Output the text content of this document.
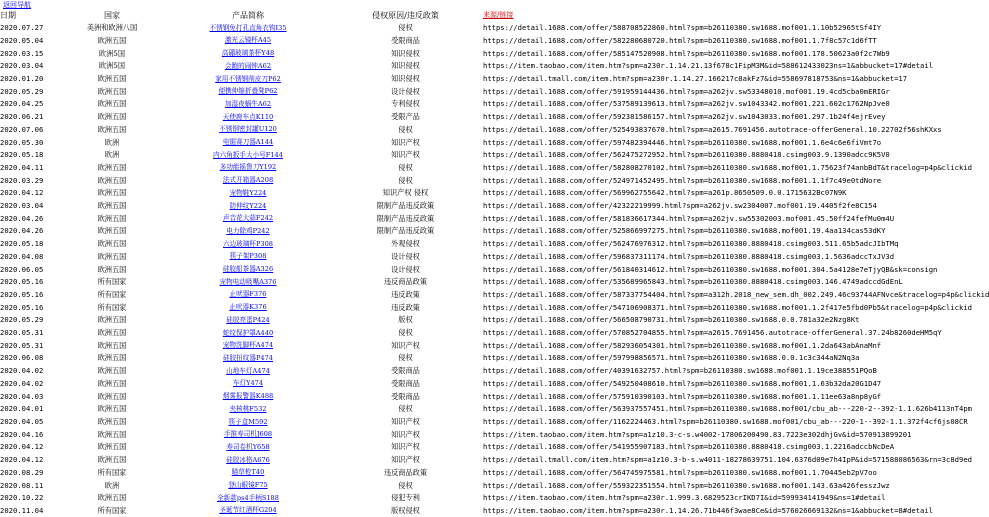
返回导航
日期	国家	产品简称	侵权原因/违反政策	来源/链接
2020.07.27	美洲和欧洲八国	不锈钢免打孔直角衣钩I35	侵权	https://detail.1688.com/offer/588708522860.html?spm=b26110380.sw1688.mof001.1.10b52965tSf4IY
2020.05.04	欧洲五国	激光云镜杯A45	受限商品	https://detail.1688.com/offer/582280680720.html?spm=b26110380.sw1688.mof001.1.7f8c57c1d6fTT
2020.03.15	欧洲5国	高硼玻璃茶杯Y48	知识侵权	https://detail.1688.com/offer/585147520908.html?spm=b26110380.sw1688.mof001.178.50623a0f2c7Wb9
2020.03.04	欧洲5国	会跑的闹钟A62	知识侵权	https://item.taobao.com/item.htm?spm=a230r.1.14.21.13f678c1FipM3M&id=588612433023ns=1&abbucket=17#detail
2020.01.20	欧洲五国	家用不锈钢削皮刀P62	知识侵权	https://detail.tmall.com/item.htm?spm=a230r.1.14.27.166217c8akFz7&id=558697818753&ns=1&abbucket=17
2020.05.29	欧洲五国	便携伸缩折叠凳P62	设计侵权	https://detail.1688.com/offer/591959144436.html?spm=a262jv.sw53348010.mof001.19.4cd5cba0mERIGr
2020.04.25	欧洲五国	加湿夜蜗牛A62	专利侵权	https://detail.1688.com/offer/537589139613.html?spm=a262jv.sw1043342.mof001.221.602c1762NpJve0
2020.06.21	欧洲五国	天使鹿车点K110	受限产品	https://detail.1688.com/offer/592381586157.html?spm=a262jv.sw1043033.mof001.297.1b24f4ejrEvey
2020.07.06	欧洲五国	不锈钢密封罐U120	侵权	https://detail.1688.com/offer/525493837670.html?spm=a2615.7691456.autotrace-offerGeneral.10.22702f56shKXxs
2020.05.30	欧洲	电锯赛刀器A144	知识产权	https://detail.1688.com/offer/597482394446.html?spm=b26110380.sw1688.mof001.1.6e4c6e6fiVmt7o
2020.05.18	欧洲	内六角扳手大小号F144	知识产权	https://detail.1688.com/offer/562475272952.html?spm=b26110380.8880418.csimg003.9.1390adcc9K5V0
2020.04.11	欧洲五国	多功能摇鲁刀Y192	侵权	https://detail.1688.com/offer/582808270102.html?spm=b26110380.sw1688.mof001.1.75623f74anbBdT&tracelog=p4p&clickid
2020.03.29	欧洲五国	法式开箱器A208	侵权	https://detail.1688.com/offer/524971452495.html?spm=b26110380.sw1688.mof001.1.1f7c49e0tdNore
2020.04.12	欧洲五国	宠物鞋Y224	知识产权 侵权	https://detail.1688.com/offer/569962755642.html?spm=a261p.8650509.0.0.1715632Bc07N9K
2020.03.04	欧洲五国	防伸纹Y224	限制产品违反政策	https://detail.1688.com/offer/42322219999.html?spm=a262jv.sw2304007.mof001.19.4405f2fe8C154
2020.04.26	欧洲五国	声音花大蒜F242	限制产品违反政策	https://detail.1688.com/offer/581836617344.html?spm=a262jv.sw55302003.mof001.45.50ff24fefMu0m4U
2020.04.26	欧洲五国	电力除鸡P242	限制产品违反政策	https://detail.1688.com/offer/525866997275.html?spm=b26110380.sw1688.mof001.19.4aa134cas53dKY
2020.05.18	欧洲五国	六边玻璃杯P308	外观侵权	https://detail.1688.com/offer/562476976312.html?spm=b26110380.8880418.csimg003.511.65b5adcJIbTMq
2020.04.08	欧洲五国	筷子架P308	设计侵权	https://detail.1688.com/offer/596837311174.html?spm=b26110380.8880418.csimg003.1.5636adccTxJV3d
2020.06.05	欧洲五国	硅胶船茶器A326	设计侵权	https://detail.1688.com/offer/561840314612.html?spm=b26110380.sw1688.mof001.304.5a4128e7eTjyQB&sk=consign
2020.05.16	所有国家	宠物电动吸嘴A376	违反商品政策	https://detail.1688.com/offer/535689965843.html?spm=b26110380.8880418.csimg003.146.4749adccdGdEnL
2020.05.16	所有国家	止吠器F376	违反政策	https://detail.1688.com/offer/587337754404.html?spm=a312h.2018_new_sem.dh_002.249.46c93744AFNvce&tracelog=p4p&clickid
2020.05.16	所有国家	止吠器K376	违反政策	https://detail.1688.com/offer/547106908371.html?spm=b26110380.sw1688.mof001.1.2f417e5fbd0Pb5&tracelog=p4p&clickid
2020.05.29	欧洲五国	硅胶亮蛋P424	版权	https://detail.1688.com/offer/566508790731.html?spm=b26110380.sw1688.0.0.781a32e2Nzg8Kt
2020.05.31	欧洲五国	蛇纹保护罩A440	侵权	https://detail.1688.com/offer/570852704855.html?spm=a2615.7691456.autotrace-offerGeneral.37.24b8260deHM5qY
2020.05.31	欧洲五国	宠物洗脚杯A474	知识产权	https://detail.1688.com/offer/582936054301.html?spm=b26110380.sw1688.mof001.1.2da643abAnaMnf
2020.06.08	欧洲五国	硅胶扭纹器P474	侵权	https://detail.1688.com/offer/597998856571.html?spm=b26110380.sw1688.0.0.1c3c344aN2Nq3a
2020.04.02	欧洲五国	山地车灯A474	受限商品	https://detail.1688.com/offer/40391632757.html?spm=b26110380.sw1688.mof001.1.19ce388551PQoB
2020.04.02	欧洲五国	车灯Y474	受限商品	https://detail.1688.com/offer/549250408610.html?spm=b26110380.sw1688.mof001.1.63b32da20G1D47
2020.04.03	欧洲五国	烟雾报警器K488	受限商品	https://detail.1688.com/offer/575910390103.html?spm=b26110380.sw1688.mof001.1.11ee63a8np8yGf
2020.04.01	欧洲五国	夹核桃F532	侵权	https://detail.1688.com/offer/563937557451.html?spm=b26110380.sw1688.mof001/cbu_ab---220-2--392-1.1.626b4113nT4pm
2020.04.05	欧洲五国	筷子盒M592	知识产权	https://detail.1688.com/offer/1162224463.html?spm=b26110380.sw1688.mof001/cbu_ab---220-1--392-1.1.372f4cf6js08CR
2020.04.16	欧洲五国	手推寿司机J608	知识产权	https://item.taobao.com/item.htm?spm=a1z10.3-c-s.w4002-17806200490.83.7223e302dhjGv&id=570913899201
2020.04.12	欧洲五国	寿司卷机Y658	知识产权	https://detail.1688.com/offer/541955907183.html?spm=b26110380.8880418.csimg003.1.2216adccbNcDeA
2020.04.12	欧洲五国	硅胶冰格A676	知识产权	https://detail.tmall.com/item.htm?spm=a1z10.3-b-s.w4011-18278639751.104.6376d09e7h4IpP&id=571588086563&rn=3c8d9ed
2020.08.29	所有国家	瞄草枪T40	违反商品政策	https://detail.1688.com/offer/564745975581.html?spm=b26110380.sw1688.mof001.1.70445eb2pV7oo
2020.08.11	欧洲	登山眼镜F75	侵权	https://detail.1688.com/offer/559322351554.html?spm=b26110380.sw1688.mof001.143.63a426fesszJwz
2020.10.22	欧洲五国	全新款ps4手柄S188	侵犯专利	https://item.taobao.com/item.htm?spm=a230r.1.999.3.6829523crIKD7I&id=599934141949&ns=1#detail
2020.11.04	所有国家	圣诞节红酒杯G204	版权侵权	https://item.taobao.com/item.htm?spm=a230r.1.14.26.71b446f3wae8Ce&id=576026669132&ns=1&abbucket=8#detail
